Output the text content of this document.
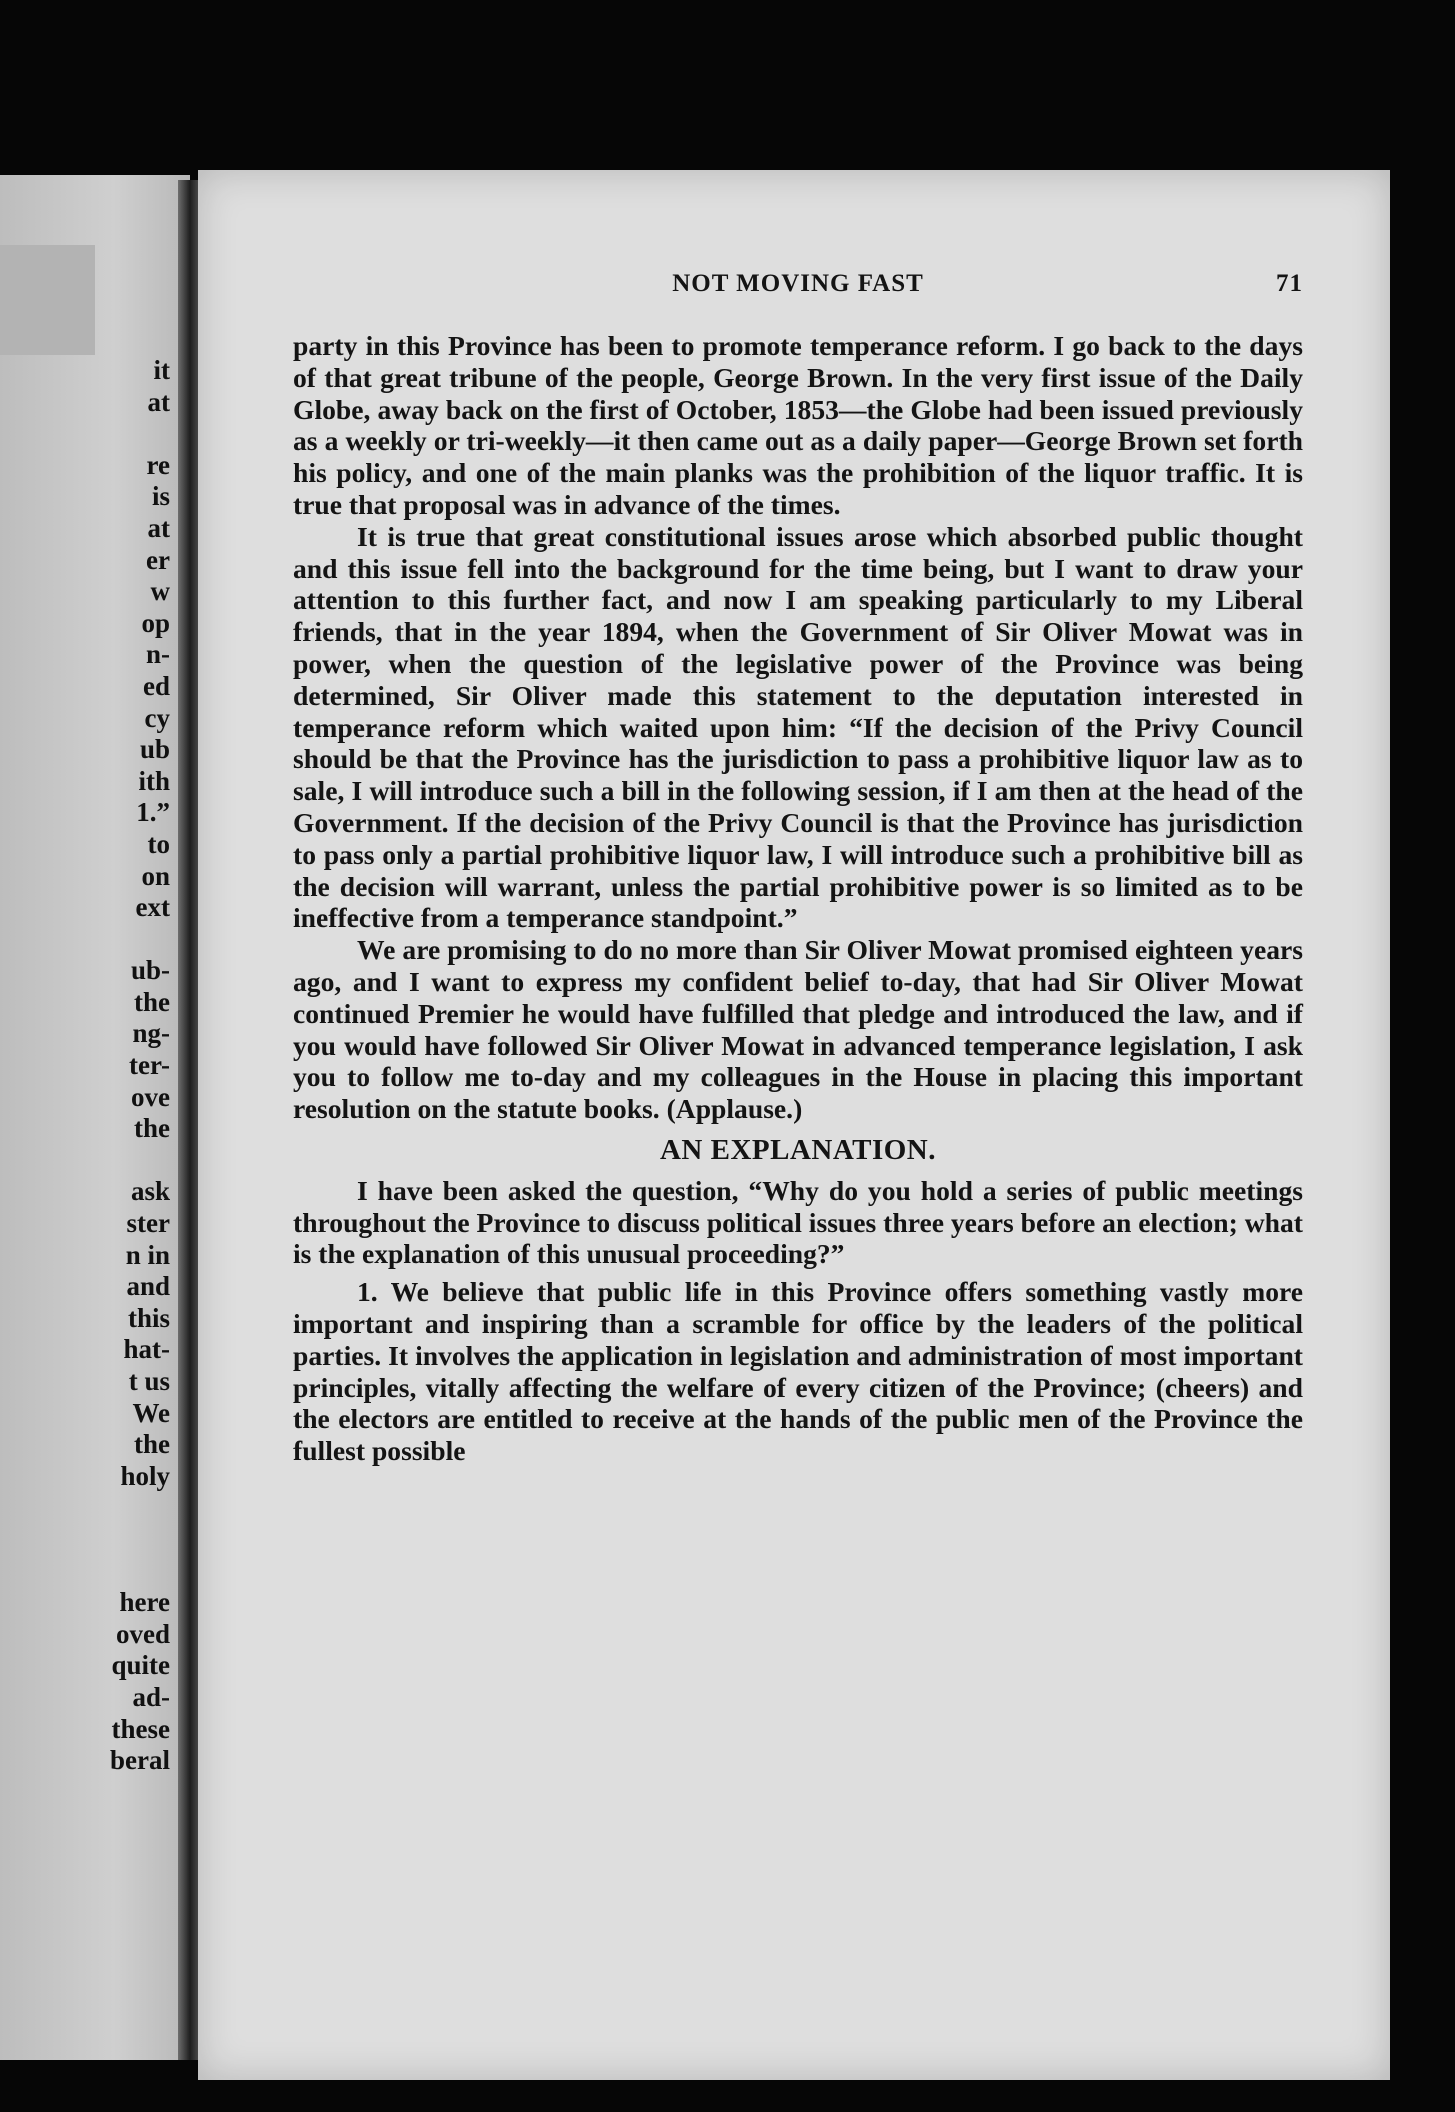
it
at
re
is
at
er
w
op
n-
ed
cy
ub
ith
1.”
to
on
ext
ub-
the
ng-
ter-
ove
the
ask
ster
n in
and
this
hat-
t us
We
the
holy
here
oved
quite
ad-
these
beral
NOT MOVING FAST	71

party in this Province has been to promote temperance reform. I go back to the days of that great tribune of the people, George Brown. In the very first issue of the Daily Globe, away back on the first of October, 1853—the Globe had been issued previously as a weekly or tri-weekly—it then came out as a daily paper—George Brown set forth his policy, and one of the main planks was the prohibition of the liquor traffic. It is true that proposal was in advance of the times.

It is true that great constitutional issues arose which absorbed public thought and this issue fell into the background for the time being, but I want to draw your attention to this further fact, and now I am speaking particularly to my Liberal friends, that in the year 1894, when the Government of Sir Oliver Mowat was in power, when the question of the legislative power of the Province was being determined, Sir Oliver made this statement to the deputation interested in temperance reform which waited upon him: “If the decision of the Privy Council should be that the Province has the jurisdiction to pass a prohibitive liquor law as to sale, I will introduce such a bill in the following session, if I am then at the head of the Government. If the decision of the Privy Council is that the Province has jurisdiction to pass only a partial prohibitive liquor law, I will introduce such a prohibitive bill as the decision will warrant, unless the partial prohibitive power is so limited as to be ineffective from a temperance standpoint.”

We are promising to do no more than Sir Oliver Mowat promised eighteen years ago, and I want to express my confident belief to-day, that had Sir Oliver Mowat continued Premier he would have fulfilled that pledge and introduced the law, and if you would have followed Sir Oliver Mowat in advanced temperance legislation, I ask you to follow me to-day and my colleagues in the House in placing this important resolution on the statute books. (Applause.)

AN EXPLANATION.

I have been asked the question, “Why do you hold a series of public meetings throughout the Province to discuss political issues three years before an election; what is the explanation of this unusual proceeding?”

1. We believe that public life in this Province offers something vastly more important and inspiring than a scramble for office by the leaders of the political parties. It involves the application in legislation and administration of most important principles, vitally affecting the welfare of every citizen of the Province; (cheers) and the electors are entitled to receive at the hands of the public men of the Province the fullest possible
